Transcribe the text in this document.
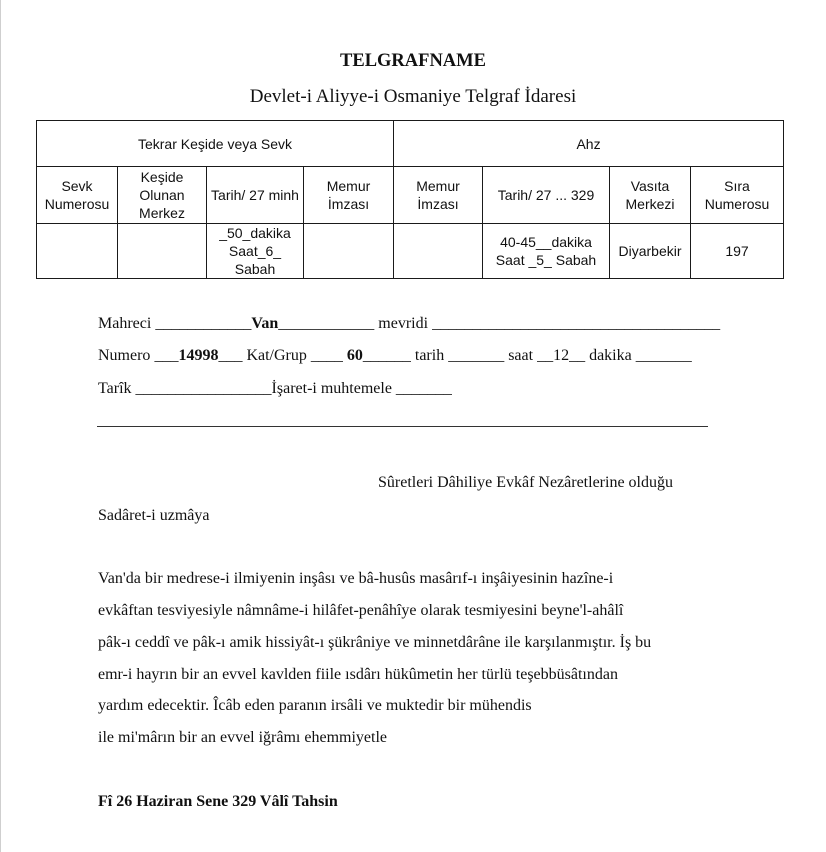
TELGRAFNAME
Devlet-i Aliyye-i Osmaniye Telgraf İdaresi
Tekrar Keşide veya Sevk				Ahz			
Sevk Numerosu	Keşide Olunan Merkez	Tarih/ 27 minh	Memur İmzası	Memur İmzası	Tarih/ 27 ... 329	Vasıta Merkezi	Sıra Numerosu
		_50_dakika Saat_6_ Sabah			40-45__dakika Saat _5_ Sabah	Diyarbekir	197
Mahreci ____________Van____________ mevridi ____________________________________
Numero ___14998___ Kat/Grup ____ 60______ tarih _______ saat __12__ dakika _______
Tarîk _________________İşaret-i muhtemele _______
Sûretleri Dâhiliye Evkâf Nezâretlerine olduğu
Sadâret-i uzmâya
Van'da bir medrese-i ilmiyenin inşâsı ve bâ-husûs masârıf-ı inşâiyesinin hazîne-i
evkâftan tesviyesiyle nâmnâme-i hilâfet-penâhîye olarak tesmiyesini beyne'l-ahâlî
pâk-ı ceddî ve pâk-ı amik hissiyât-ı şükrâniye ve minnetdârâne ile karşılanmıştır. İş bu
emr-i hayrın bir an evvel kavlden fiile ısdârı hükûmetin her türlü teşebbüsâtından
yardım edecektir. Îcâb eden paranın irsâli ve muktedir bir mühendis
ile mi'mârın bir an evvel iğrâmı ehemmiyetle
Fî 26 Haziran Sene 329 Vâlî Tahsin
